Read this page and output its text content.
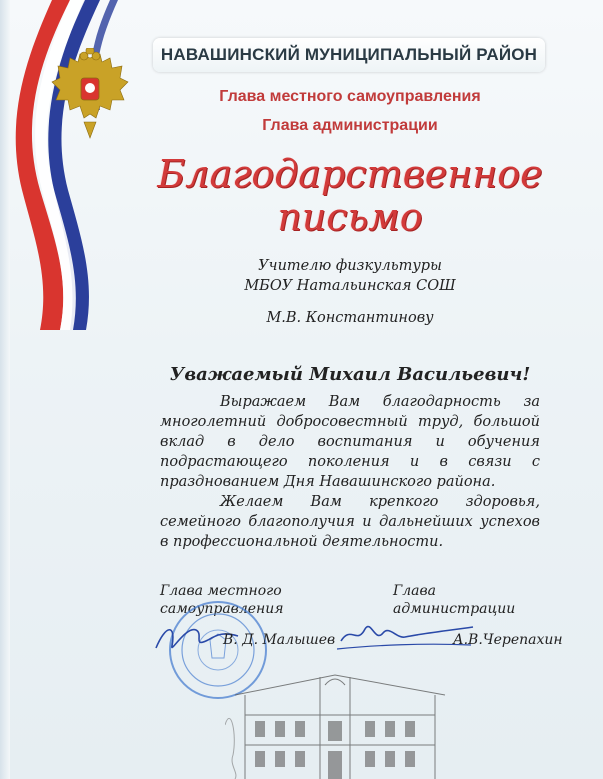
НАВАШИНСКИЙ МУНИЦИПАЛЬНЫЙ РАЙОН
Глава местного самоуправления
Глава администрации
Благодарственное
письмо
Учителю физкультуры
МБОУ Натальинская СОШ
М.В. Константинову
Уважаемый Михаил Васильевич!

Выражаем Вам благодарность за многолетний добросовестный труд, большой вклад в дело воспитания и обучения подрастающего поколения и в связи с празднованием Дня Навашинского района.

Желаем Вам крепкого здоровья, семейного благополучия и дальнейших успехов в профессиональной деятельности.

Глава местного
самоуправления
В. Д. Малышев
Глава
администрации
А.В.Черепахин
